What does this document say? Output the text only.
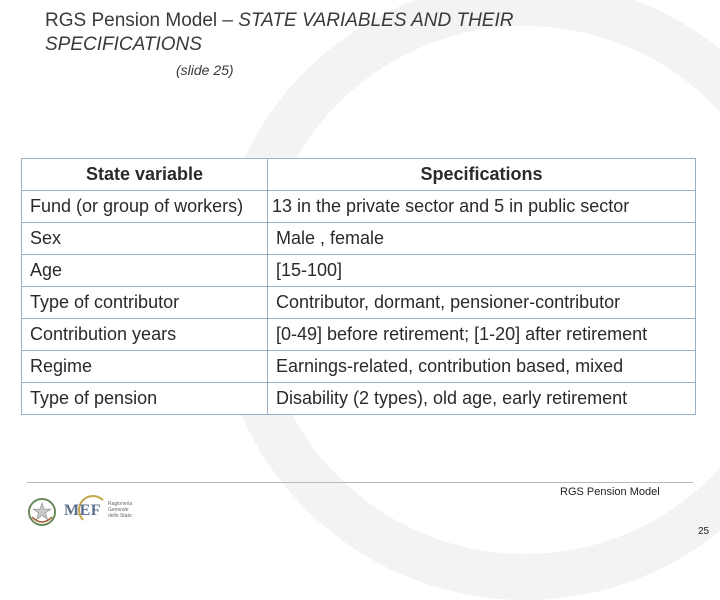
RGS Pension Model – STATE VARIABLES AND THEIR SPECIFICATIONS
(slide 25)
State variable	Specifications
Fund (or group of workers)	13 in the private sector and 5 in public sector
Sex	Male , female
Age	[15-100]
Type of contributor	Contributor, dormant, pensioner-contributor
Contribution years	[0-49] before retirement; [1-20] after retirement
Regime	Earnings-related, contribution based, mixed
Type of pension	Disability (2 types), old age, early retirement
RGS Pension Model
25
MEF Ragioneria Generale dello Stato
